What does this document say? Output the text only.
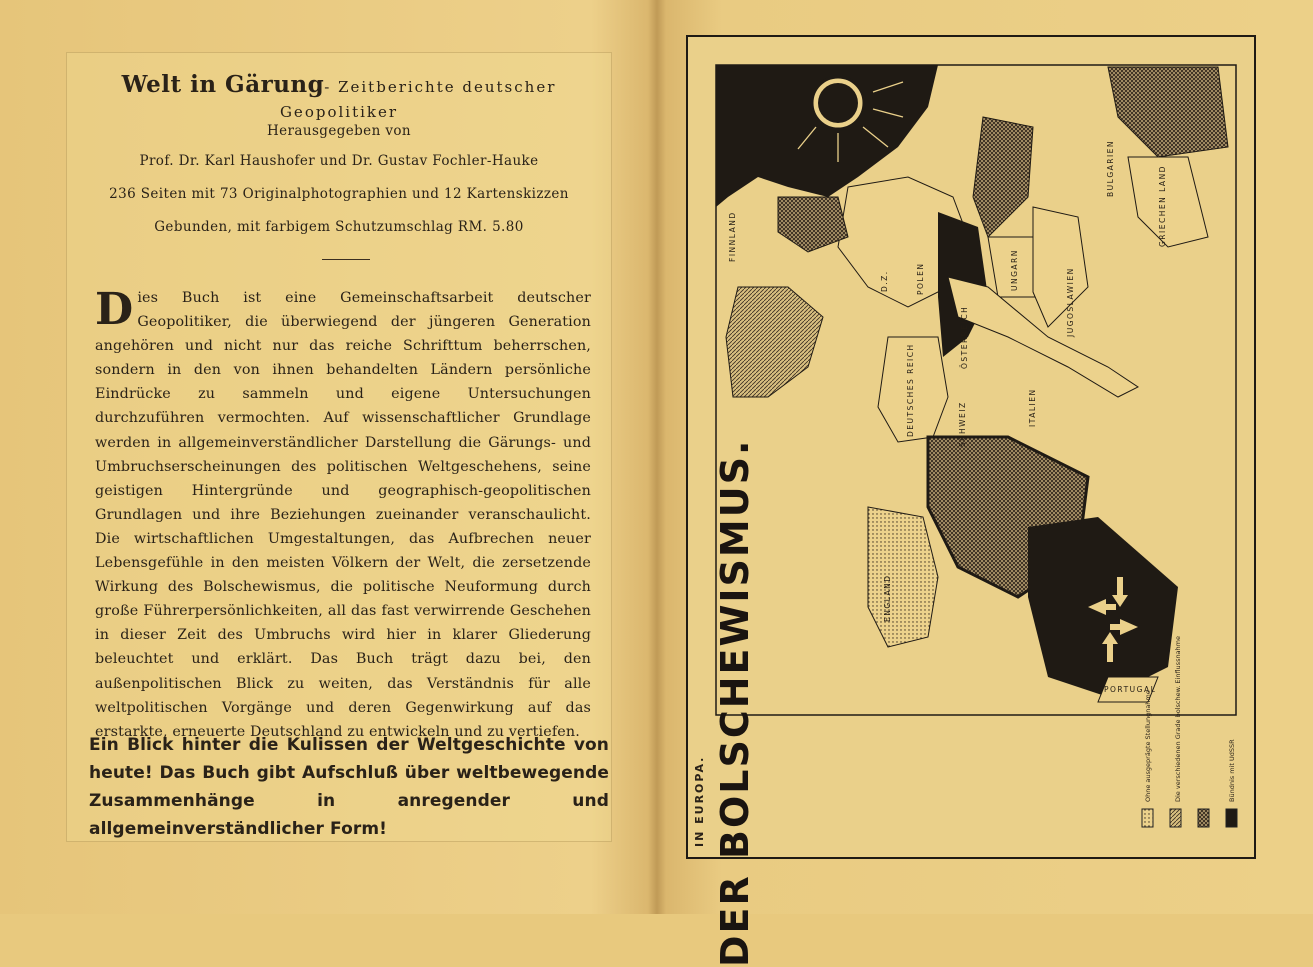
Welt in Gärung- Zeitberichte deutscher Geopolitiker
Herausgegeben von
Prof. Dr. Karl Haushofer und Dr. Gustav Fochler-Hauke
236 Seiten mit 73 Originalphotographien und 12 Kartenskizzen
Gebunden, mit farbigem Schutzumschlag RM. 5.80
Dies Buch ist eine Gemeinschaftsarbeit deutscher Geopolitiker, die überwiegend der jüngeren Generation angehören und nicht nur das reiche Schrifttum beherrschen, sondern in den von ihnen behandelten Ländern persönliche Eindrücke zu sammeln und eigene Untersuchungen durchzuführen vermochten. Auf wissenschaftlicher Grundlage werden in allgemeinverständlicher Darstellung die Gärungs- und Umbruchserscheinungen des politischen Weltgeschehens, seine geistigen Hintergründe und geographisch-geopolitischen Grundlagen und ihre Beziehungen zueinander veranschaulicht. Die wirtschaftlichen Umgestaltungen, das Aufbrechen neuer Lebensgefühle in den meisten Völkern der Welt, die zersetzende Wirkung des Bolschewismus, die politische Neuformung durch große Führerpersönlichkeiten, all das fast verwirrende Geschehen in dieser Zeit des Umbruchs wird hier in klarer Gliederung beleuchtet und erklärt. Das Buch trägt dazu bei, den außenpolitischen Blick zu weiten, das Verständnis für alle weltpolitischen Vorgänge und deren Gegenwirkung auf das erstarkte, erneuerte Deutschland zu entwickeln und zu vertiefen.
Ein Blick hinter die Kulissen der Weltgeschichte von heute! Das Buch gibt Aufschluß über weltbewegende Zusammenhänge in anregender und allgemeinverständlicher Form!	DER BOLSCHEWISMUS.
IN EUROPA.
FINNLAND
POLEN	UNGARN
BULGARIEN	GRIECHEN LAND
JUGOSLAWIEN
DEUTSCHES REICH
ÖSTERREICH
ITALIEN
SCHWEIZ
D.Z.
ENGLAND
PORTUGAL
Ohne ausgeprägte Stellungnahme	Die verschiedenen Grade bolschew. Einflussnahme	Bündnis mit UdSSR
